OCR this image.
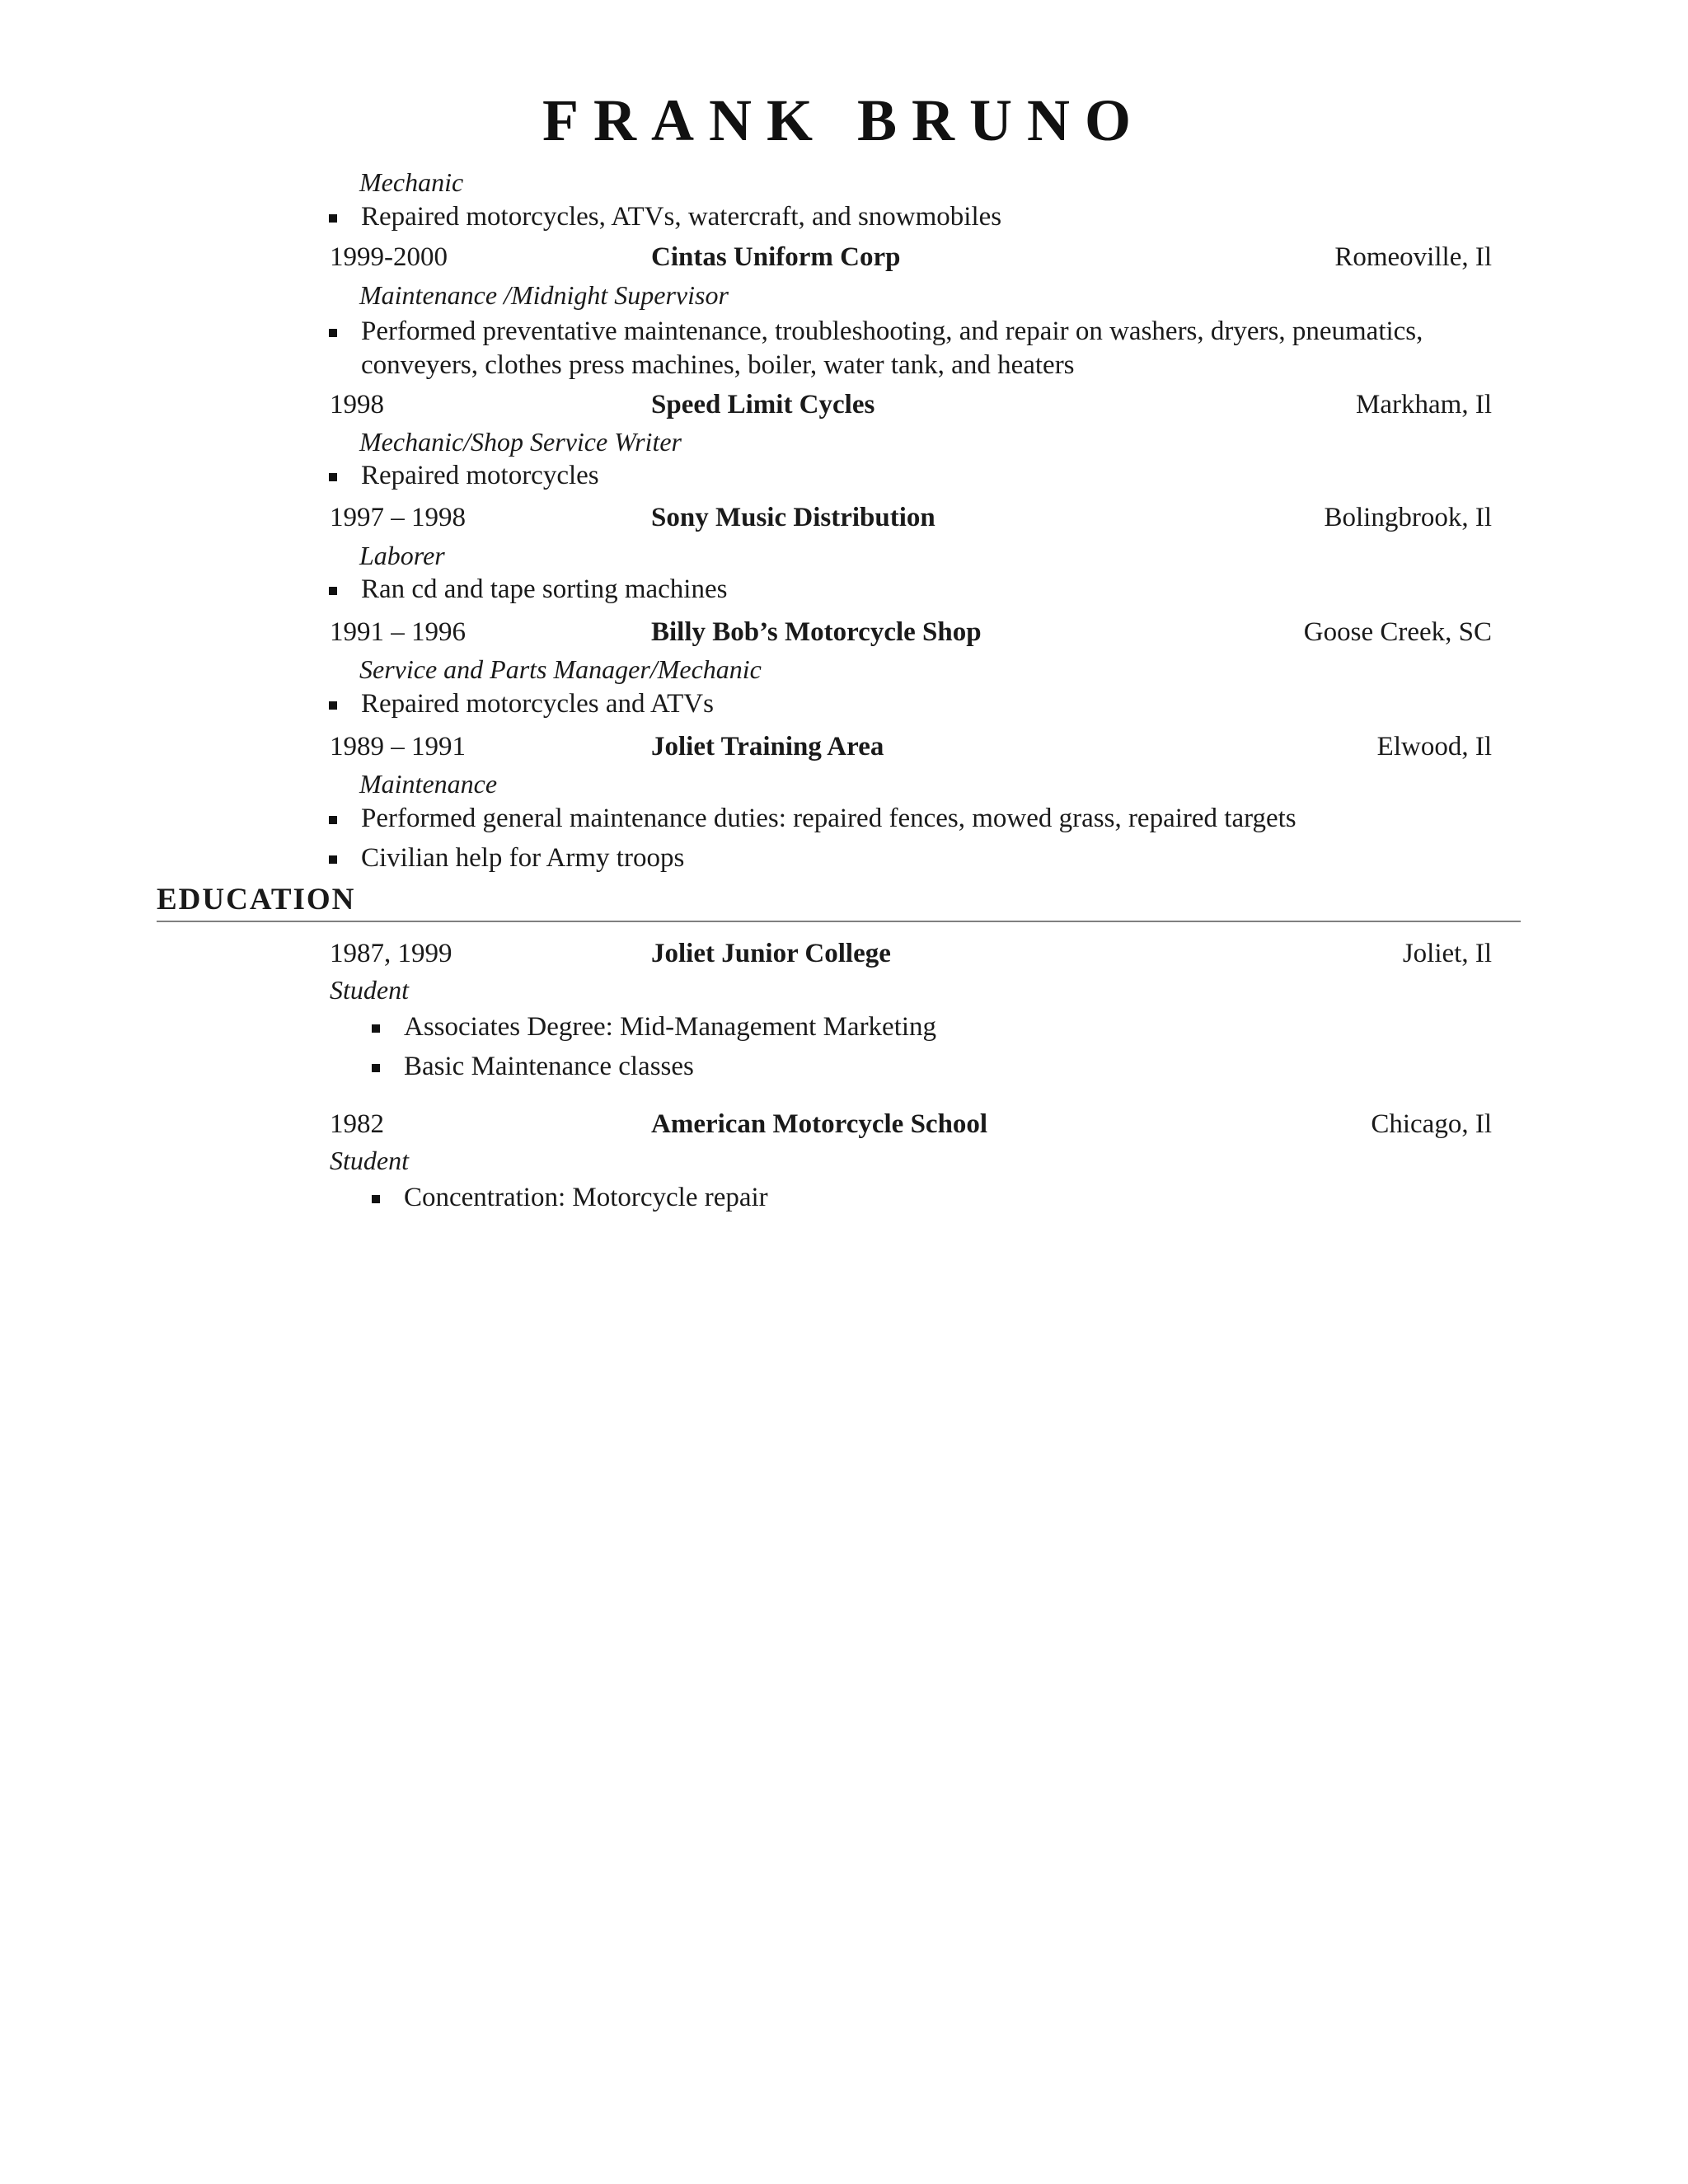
FRANK BRUNO
Mechanic
Repaired motorcycles, ATVs, watercraft, and snowmobiles
1999-2000	Cintas Uniform Corp	Romeoville, Il
Maintenance /Midnight Supervisor
Performed preventative maintenance, troubleshooting, and repair on washers, dryers, pneumatics, conveyers, clothes press machines, boiler, water tank, and heaters
1998	Speed Limit Cycles	Markham, Il
Mechanic/Shop Service Writer
Repaired motorcycles
1997 – 1998	Sony Music Distribution	Bolingbrook, Il
Laborer
Ran cd and tape sorting machines
1991 – 1996	Billy Bob’s Motorcycle Shop	Goose Creek, SC
Service and Parts Manager/Mechanic
Repaired motorcycles and ATVs
1989 – 1991	Joliet Training Area	Elwood, Il
Maintenance
Performed general maintenance duties: repaired fences, mowed grass, repaired targets
Civilian help for Army troops
EDUCATION
1987, 1999	Joliet Junior College	Joliet, Il
Student
Associates Degree: Mid-Management Marketing
Basic Maintenance classes
1982	American Motorcycle School	Chicago, Il
Student
Concentration: Motorcycle repair
